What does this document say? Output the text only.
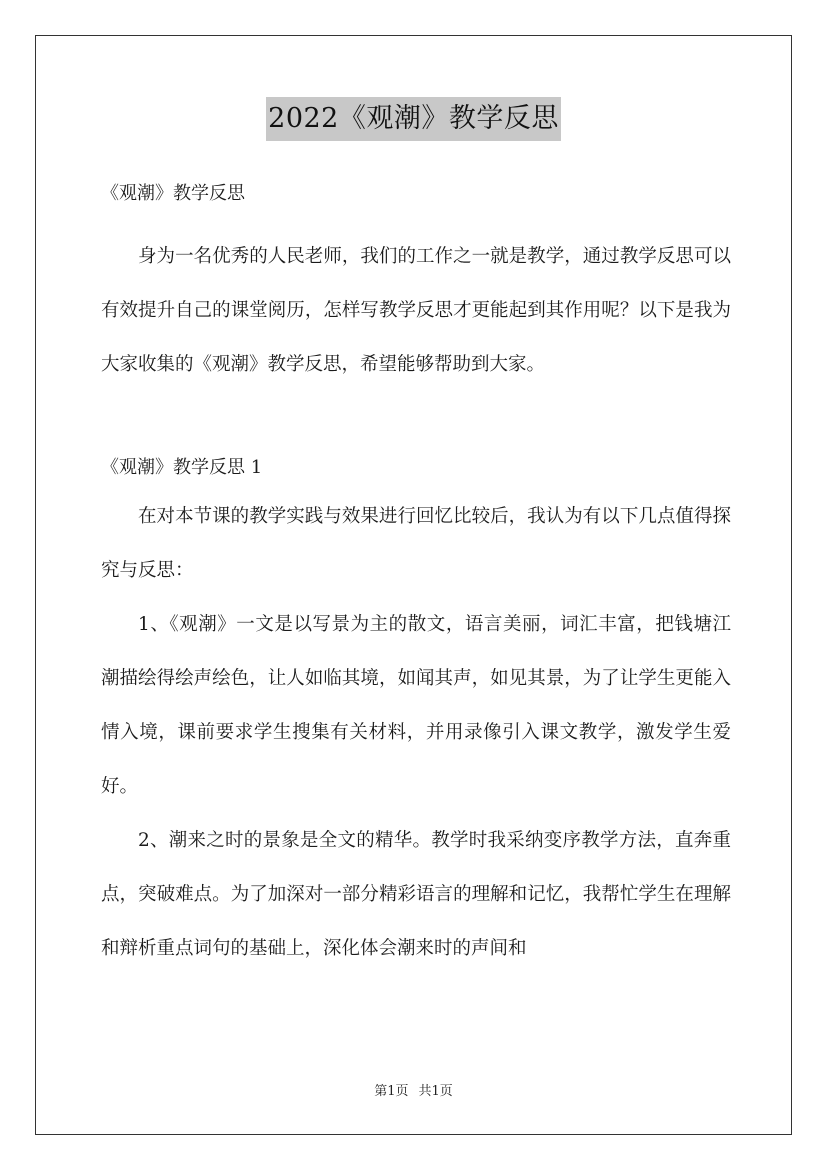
2022《观潮》教学反思

《观潮》教学反思

身为一名优秀的人民老师，我们的工作之一就是教学，通过教学反思可以有效提升自己的课堂阅历，怎样写教学反思才更能起到其作用呢？以下是我为大家收集的《观潮》教学反思，希望能够帮助到大家。

《观潮》教学反思 1

在对本节课的教学实践与效果进行回忆比较后，我认为有以下几点值得探究与反思：

1、《观潮》一文是以写景为主的散文，语言美丽，词汇丰富，把钱塘江潮描绘得绘声绘色，让人如临其境，如闻其声，如见其景，为了让学生更能入情入境，课前要求学生搜集有关材料，并用录像引入课文教学，激发学生爱好。

2、潮来之时的景象是全文的精华。教学时我采纳变序教学方法，直奔重点，突破难点。为了加深对一部分精彩语言的理解和记忆，我帮忙学生在理解和辩析重点词句的基础上，深化体会潮来时的声间和

第1页 共1页
